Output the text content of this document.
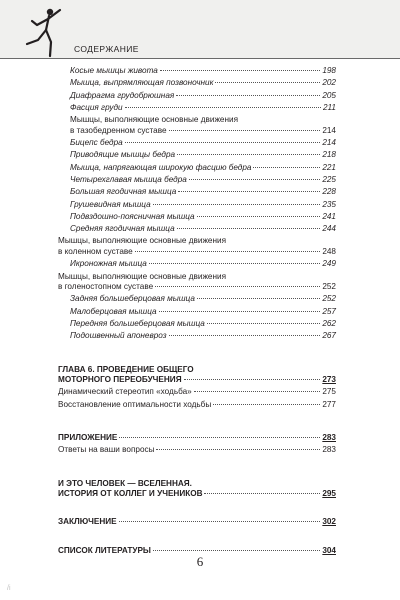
СОДЕРЖАНИЕ
Косые мышцы живота	198
Мышца, выпрямляющая позвоночник	202
Диафрагма грудобрюшная	205
Фасция груди	211
Мышцы, выполняющие основные движения
в тазобедренном суставе	214
Бицепс бедра	214
Приводящие мышцы бедра	218
Мышца, напрягающая широкую фасцию бедра	221
Четырехглавая мышца бедра	225
Большая ягодичная мышца	228
Грушевидная мышца	235
Подвздошно-поясничная мышца	241
Средняя ягодичная мышца	244
Мышцы, выполняющие основные движения
в коленном суставе	248
Икроножная мышца	249
Мышцы, выполняющие основные движения
в голеностопном суставе	252
Задняя большеберцовая мышца	252
Малоберцовая мышца	257
Передняя большеберцовая мышца	262
Подошвенный апоневроз	267
ГЛАВА 6. ПРОВЕДЕНИЕ ОБЩЕГО
МОТОРНОГО ПЕРЕОБУЧЕНИЯ	273
Динамический стереотип «ходьба»	275
Восстановление оптимальности ходьбы	277
ПРИЛОЖЕНИЕ	283
Ответы на ваши вопросы	283
И ЭТО ЧЕЛОВЕК — ВСЕЛЕННАЯ.
ИСТОРИЯ ОТ КОЛЛЕГ И УЧЕНИКОВ	295
ЗАКЛЮЧЕНИЕ	302
СПИСОК ЛИТЕРАТУРЫ	304
6
/i
